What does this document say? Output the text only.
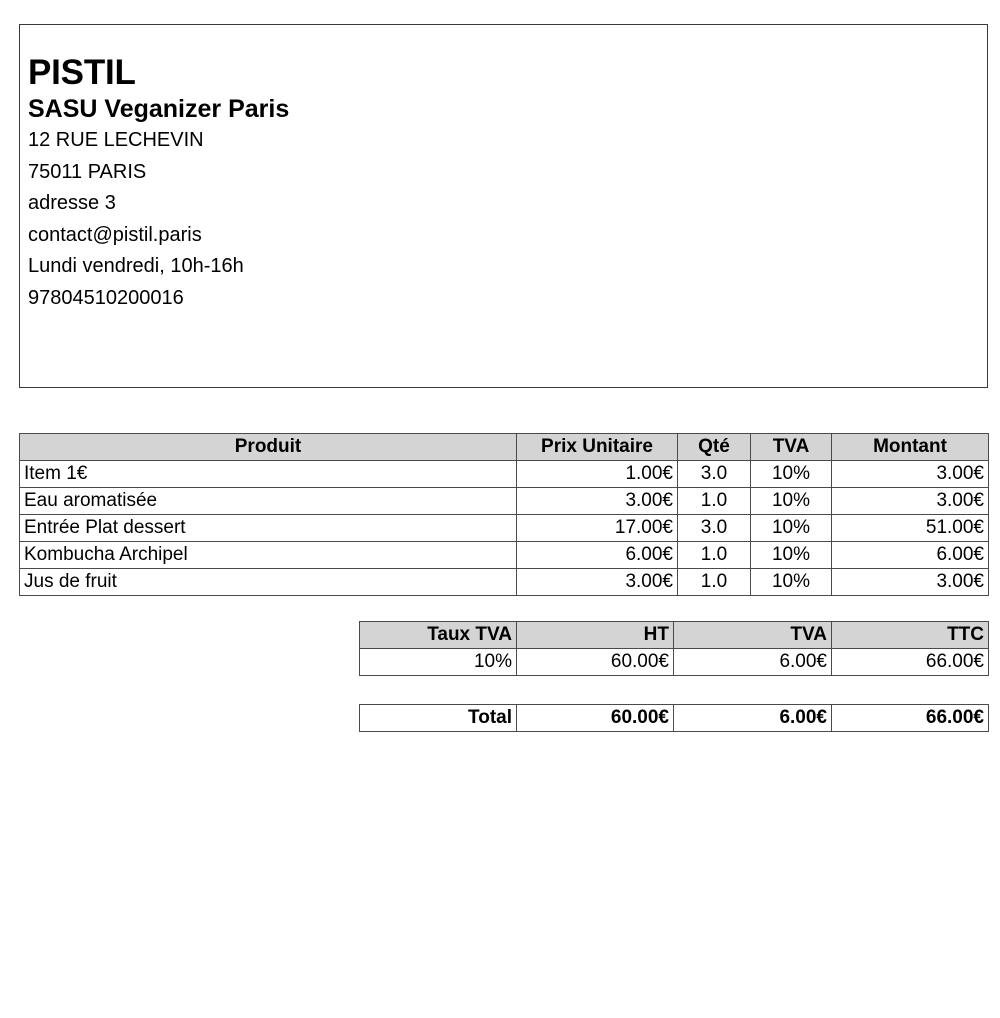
PISTIL
SASU Veganizer Paris
12 RUE LECHEVIN
75011 PARIS
adresse 3
contact@pistil.paris
Lundi vendredi, 10h-16h
97804510200016
Produit	Prix Unitaire	Qté	TVA	Montant
Item 1€	1.00€	3.0	10%	3.00€
Eau aromatisée	3.00€	1.0	10%	3.00€
Entrée Plat dessert	17.00€	3.0	10%	51.00€
Kombucha Archipel	6.00€	1.0	10%	6.00€
Jus de fruit	3.00€	1.0	10%	3.00€
Taux TVA	HT	TVA	TTC
10%	60.00€	6.00€	66.00€
Total	60.00€	6.00€	66.00€
